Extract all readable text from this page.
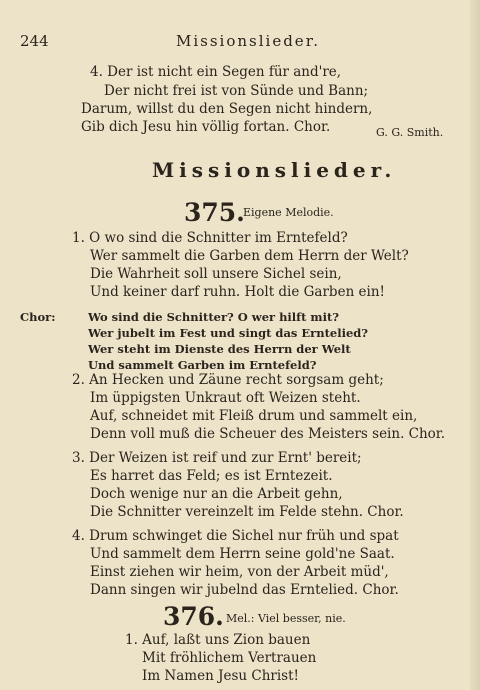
244	Missionslieder.
4. Der ist nicht ein Segen für and're,
Der nicht frei ist von Sünde und Bann;
Darum, willst du den Segen nicht hindern,
Gib dich Jesu hin völlig fortan. Chor.	G. G. Smith.
Missionslieder.
375.
Eigene Melodie.
1. O wo sind die Schnitter im Erntefeld?
Wer sammelt die Garben dem Herrn der Welt?
Die Wahrheit soll unsere Sichel sein,
Und keiner darf ruhn. Holt die Garben ein!
Chor:	Wo sind die Schnitter? O wer hilft mit?
Wer jubelt im Fest und singt das Erntelied?
Wer steht im Dienste des Herrn der Welt
Und sammelt Garben im Erntefeld?
2. An Hecken und Zäune recht sorgsam geht;
Im üppigsten Unkraut oft Weizen steht.
Auf, schneidet mit Fleiß drum und sammelt ein,
Denn voll muß die Scheuer des Meisters sein. Chor.
3. Der Weizen ist reif und zur Ernt' bereit;
Es harret das Feld; es ist Erntezeit.
Doch wenige nur an die Arbeit gehn,
Die Schnitter vereinzelt im Felde stehn. Chor.
4. Drum schwinget die Sichel nur früh und spat
Und sammelt dem Herrn seine gold'ne Saat.
Einst ziehen wir heim, von der Arbeit müd',
Dann singen wir jubelnd das Erntelied. Chor.
376. Mel.: Viel besser, nie.
1. Auf, laßt uns Zion bauen
Mit fröhlichem Vertrauen
Im Namen Jesu Christ!
